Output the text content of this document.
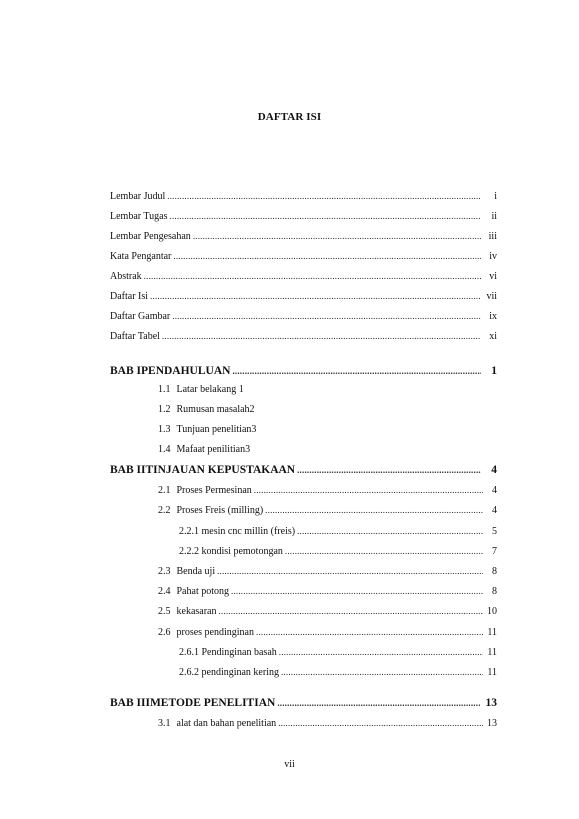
DAFTAR ISI
Lembar Judul .....	i
Lembar Tugas .....	ii
Lembar Pengesahan .....	iii
Kata Pengantar .....	iv
Abstrak .....	vi
Daftar Isi .....	vii
Daftar Gambar .....	ix
Daftar Tabel .....	xi
BAB I PENDAHULUAN .....	1
1.1 Latar belakang 1
1.2 Rumusan masalah2
1.3 Tunjuan penelitian3
1.4 Mafaat penilitian3
BAB II TINJAUAN KEPUSTAKAAN .....	4
2.1 Proses Permesinan .....	4
2.2 Proses Freis (milling) .....	4
2.2.1 mesin cnc millin (freis) .....	5
2.2.2 kondisi pemotongan .....	7
2.3 Benda uji .....	8
2.4 Pahat potong .....	8
2.5 kekasaran .....	10
2.6 proses pendinginan .....	11
2.6.1 Pendinginan basah .....	11
2.6.2 pendinginan kering .....	11
BAB III METODE PENELITIAN .....	13
3.1 alat dan bahan penelitian .....	13
vii
